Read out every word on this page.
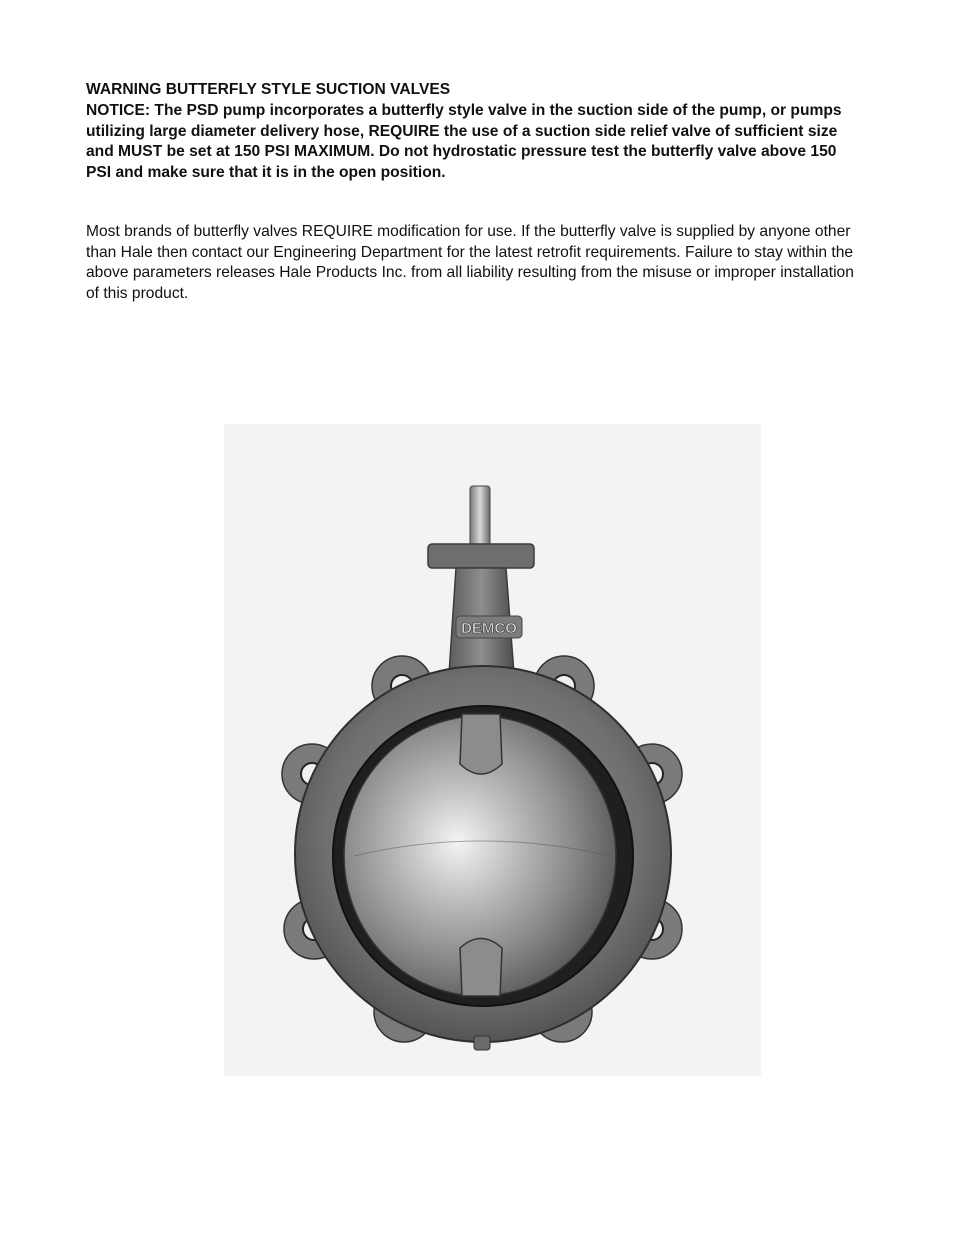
WARNING BUTTERFLY STYLE SUCTION VALVES

NOTICE: The PSD pump incorporates a butterfly style valve in the suction side of the pump, or pumps utilizing large diameter delivery hose, REQUIRE the use of a suction side relief valve of sufficient size and MUST be set at 150 PSI MAXIMUM. Do not hydrostatic pressure test the butterfly valve above 150 PSI and make sure that it is in the open position.

Most brands of butterfly valves REQUIRE modification for use. If the butterfly valve is supplied by anyone other than Hale then contact our Engineering Department for the latest retrofit requirements. Failure to stay within the above parameters releases Hale Products Inc. from all liability resulting from the misuse or improper installation of this product.

DEMCO
